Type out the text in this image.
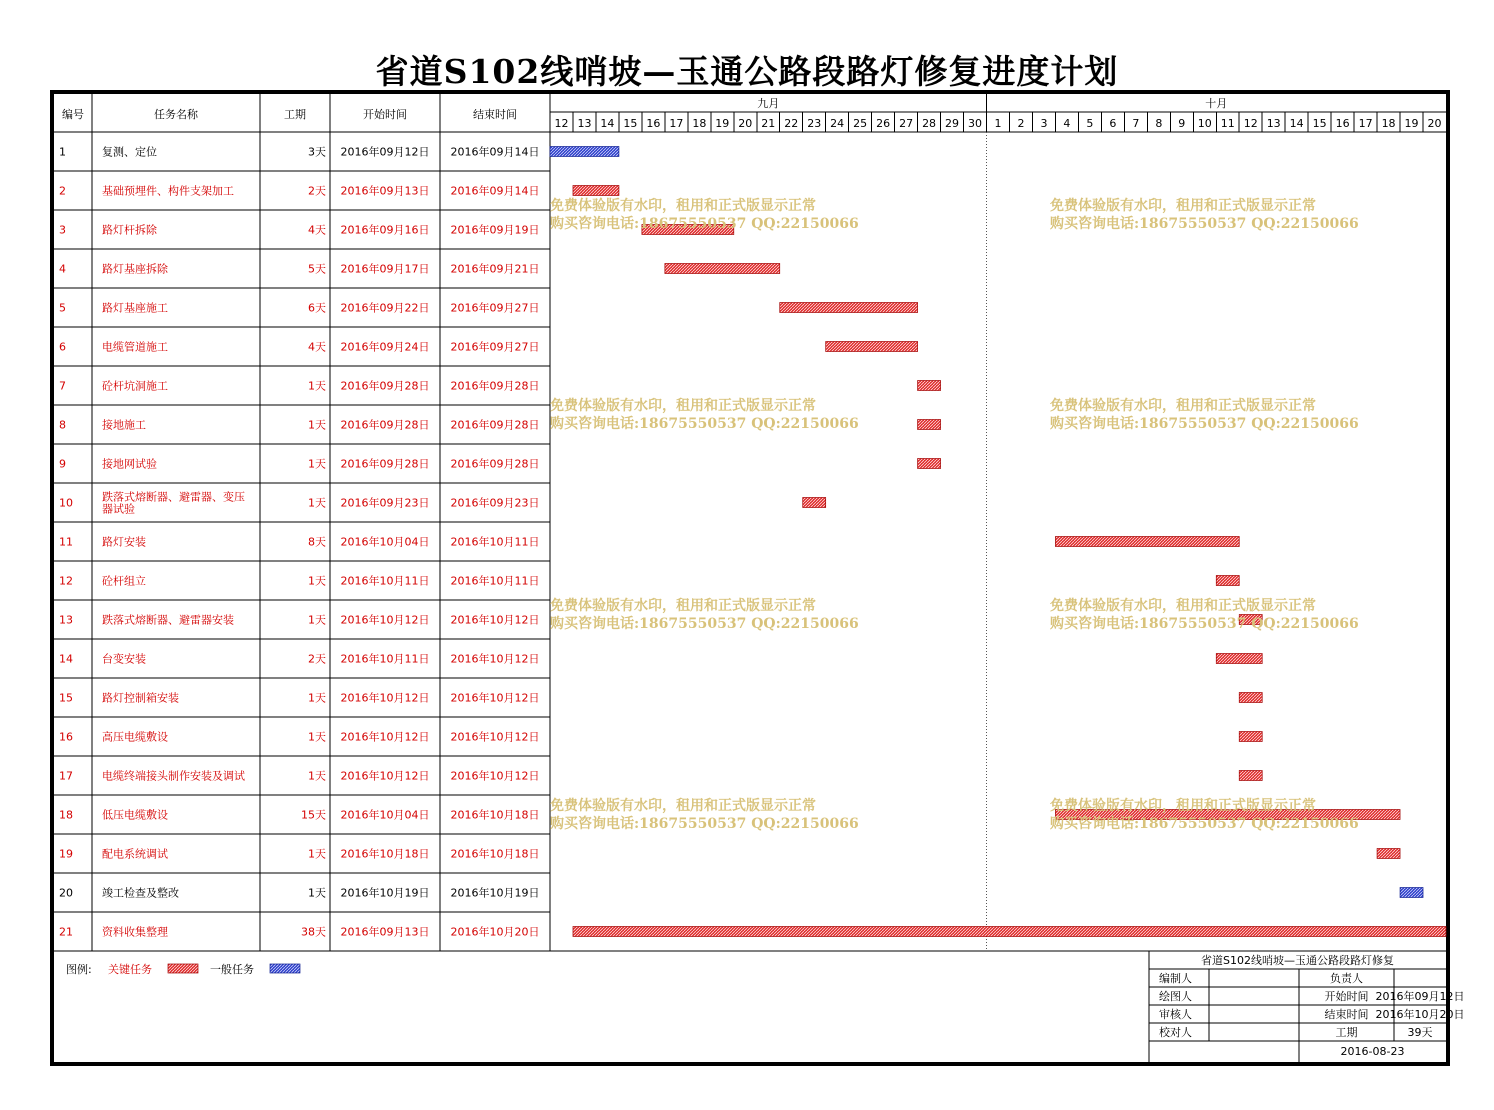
省道S102线哨坡—玉通公路段路灯修复进度计划
编号	任务名称	工期	开始时间	结束时间
九月	十月
12 13 14 15 16 17 18 19 20 21 22 23 24 25 26 27 28 29 30 1 2 3 4 5 6 7 8 9 10 11 12 13 14 15 16 17 18 19 20
1	复测、定位	3天 2016年09月12日 2016年09月14日
2	基础预埋件、构件支架加工	2天 2016年09月13日 2016年09月14日
3	路灯杆拆除	4天 2016年09月16日 2016年09月19日
4	路灯基座拆除	5天 2016年09月17日 2016年09月21日
5	路灯基座施工	6天 2016年09月22日 2016年09月27日
6	电缆管道施工	4天 2016年09月24日 2016年09月27日
7	砼杆坑洞施工	1天 2016年09月28日 2016年09月28日
8	接地施工	1天 2016年09月28日 2016年09月28日
9	接地网试验	1天 2016年09月28日 2016年09月28日
10	跌落式熔断器、避雷器、变压
器试验	1天 2016年09月23日 2016年09月23日
11	路灯安装	8天 2016年10月04日 2016年10月11日
12	砼杆组立	1天 2016年10月11日 2016年10月11日
13	跌落式熔断器、避雷器安装	1天 2016年10月12日 2016年10月12日
14	台变安装	2天 2016年10月11日 2016年10月12日
15	路灯控制箱安装	1天 2016年10月12日 2016年10月12日
16	高压电缆敷设	1天 2016年10月12日 2016年10月12日
17	电缆终端接头制作安装及调试	1天 2016年10月12日 2016年10月12日
18	低压电缆敷设	15天 2016年10月04日 2016年10月18日
19	配电系统调试	1天 2016年10月18日 2016年10月18日
20	竣工检查及整改	1天 2016年10月19日 2016年10月19日
21	资料收集整理	38天 2016年09月13日 2016年10月20日
免费体验版有水印，租用和正式版显示正常
购买咨询电话:18675550537 QQ:22150066
免费体验版有水印，租用和正式版显示正常
购买咨询电话:18675550537 QQ:22150066
免费体验版有水印，租用和正式版显示正常
购买咨询电话:18675550537 QQ:22150066
免费体验版有水印，租用和正式版显示正常
购买咨询电话:18675550537 QQ:22150066
免费体验版有水印，租用和正式版显示正常
购买咨询电话:18675550537 QQ:22150066
免费体验版有水印，租用和正式版显示正常
购买咨询电话:18675550537 QQ:22150066
免费体验版有水印，租用和正式版显示正常
购买咨询电话:18675550537 QQ:22150066
免费体验版有水印，租用和正式版显示正常
购买咨询电话:18675550537 QQ:22150066
图例: 关键任务	一般任务
省道S102线哨坡—玉通公路段路灯修复
编制人	负责人
绘图人	开始时间 2016年09月12日
审核人	结束时间 2016年10月20日
校对人	工期	39天
2016-08-23
